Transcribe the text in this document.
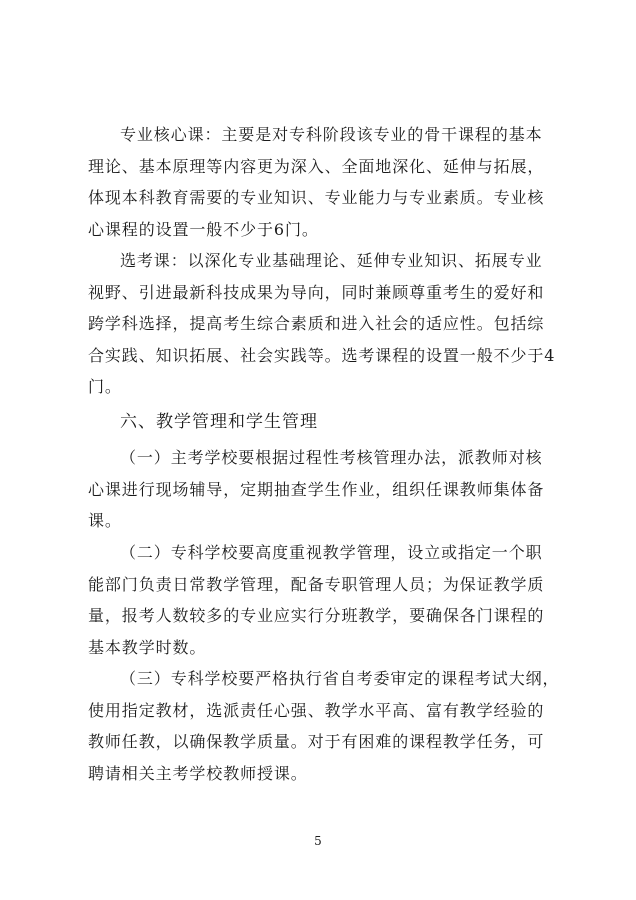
专业核心课：主要是对专科阶段该专业的骨干课程的基本
理论、基本原理等内容更为深入、全面地深化、延伸与拓展，
体现本科教育需要的专业知识、专业能力与专业素质。专业核
心课程的设置一般不少于6门。

选考课：以深化专业基础理论、延伸专业知识、拓展专业
视野、引进最新科技成果为导向，同时兼顾尊重考生的爱好和
跨学科选择，提高考生综合素质和进入社会的适应性。包括综
合实践、知识拓展、社会实践等。选考课程的设置一般不少于4
门。

六、教学管理和学生管理

（一）主考学校要根据过程性考核管理办法，派教师对核
心课进行现场辅导，定期抽查学生作业，组织任课教师集体备
课。

（二）专科学校要高度重视教学管理，设立或指定一个职
能部门负责日常教学管理，配备专职管理人员；为保证教学质
量，报考人数较多的专业应实行分班教学，要确保各门课程的
基本教学时数。

（三）专科学校要严格执行省自考委审定的课程考试大纲，
使用指定教材，选派责任心强、教学水平高、富有教学经验的
教师任教，以确保教学质量。对于有困难的课程教学任务，可
聘请相关主考学校教师授课。

5
